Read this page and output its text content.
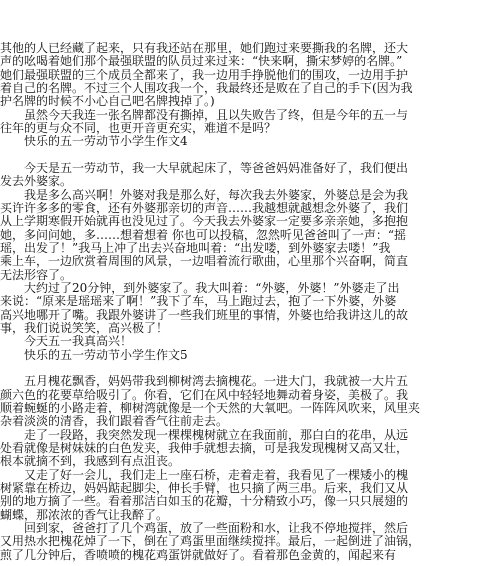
其他的人已经藏了起来，只有我还站在那里，她们跑过来要撕我的名牌，还大
声的吆喝着她们那个最强联盟的队员过来过来：“快来啊，撕宋梦婷的名牌。”
她们最强联盟的三个成员全都来了，我一边用手挣脱他们的围攻，一边用手护
着自己的名牌。不过三个人围攻我一个，我最终还是败在了自己的手下(因为我
护名牌的时候不小心自己吧名牌拽掉了。)
　　虽然今天我连一张名牌都没有撕掉，且以失败告了终，但是今年的五一与
往年的更与众不同，也更开音更充实，难道不是吗？
　　快乐的五一劳动节小学生作文4
　　今天是五一劳动节，我一大早就起床了，等爸爸妈妈准备好了，我们便出
发去外婆家。
　　我是多么高兴啊！外婆对我是那么好，每次我去外婆家，外婆总是会为我
买许许多多的零食，还有外婆那亲切的声音……我越想就越想念外婆了，我们
从上学期寒假开始就再也没见过了。今天我去外婆家一定要多亲亲她，多抱抱
她，多问问她，多……想着想着 你也可以投稿，忽然听见爸爸叫了一声：“摇
瑶，出发了！”我马上冲了出去兴奋地叫着：“出发喽，到外婆家去喽！”我
乘上车，一边欣赏着周围的风景，一边唱着流行歌曲，心里那个兴奋啊，简直
无法形容了。
　　大约过了20分钟，到外婆家了。我大叫着：“外婆，外婆！”外婆走了出
来说：“原来是瑶瑶来了啊！”我下了车，马上跑过去，抱了一下外婆，外婆
高兴地哪开了嘴。我跟外婆讲了一些我们班里的事情，外婆也给我讲这儿的故
事，我们说说笑笑，高兴极了！
　　今天五一我真高兴！
　　快乐的五一劳动节小学生作文5
　　五月槐花飘香，妈妈带我到柳树湾去摘槐花。一进大门，我就被一大片五
颜六色的花要草给吸引了。你看，它们在风中轻轻地舞动着身姿，美极了。我
顺着蜿蜒的小路走着，柳树湾就像是一个天然的大氧吧。一阵阵风吹来，风里夹
杂着淡淡的清香，我们跟着香气往前走去。
　　走了一段路，我突然发现一棵棵槐树就立在我面前，那白白的花串，从远
处看就像是树妹妹的白色发夹，我伸手就想去摘，可是我发现槐树又高又壮，
根本就摘不到，我感到有点沮丧。
　　又走了好一会儿，我们走上一座石桥，走着走着，我看见了一棵矮小的槐
树紧靠在桥边，妈妈踮起脚尖，伸长手臂，也只摘了两三串。后来，我们又从
别的地方摘了一些。看着那洁白如玉的花瓣，十分精致小巧，像一只只展翅的
蝴蝶，那浓浓的香气让我醉了。
　　回到家，爸爸打了几个鸡蛋，放了一些面粉和水，让我不停地搅拌，然后
又用热水把槐花焯了一下，倒在了鸡蛋里面继续搅拌。最后，一起倒进了油锅，
煎了几分钟后，香喷喷的槐花鸡蛋饼就做好了。看着那色金黄的，闻起来有
